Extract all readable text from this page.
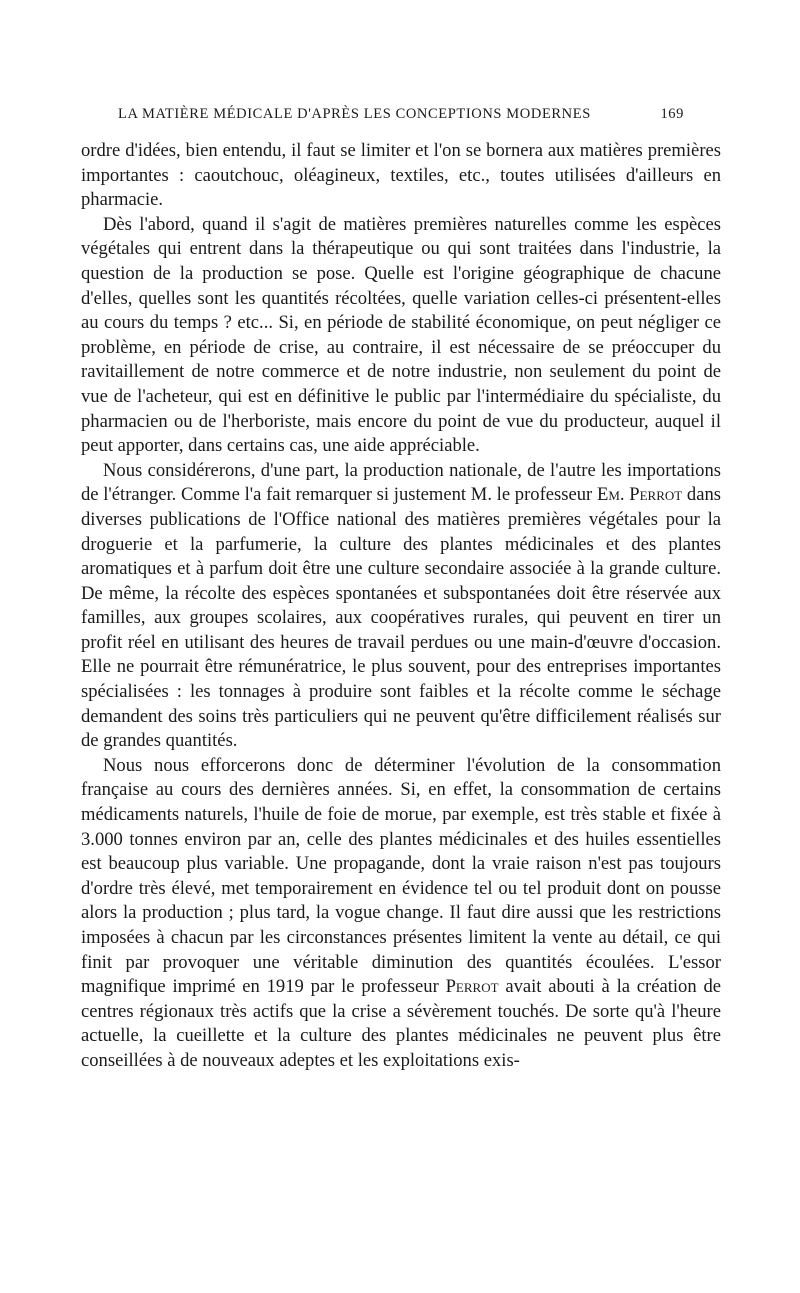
LA MATIÈRE MÉDICALE D'APRÈS LES CONCEPTIONS MODERNES	169

ordre d'idées, bien entendu, il faut se limiter et l'on se bornera aux matières premières importantes : caoutchouc, oléagineux, textiles, etc., toutes utilisées d'ailleurs en pharmacie.

Dès l'abord, quand il s'agit de matières premières naturelles comme les espèces végétales qui entrent dans la thérapeutique ou qui sont traitées dans l'industrie, la question de la production se pose. Quelle est l'origine géographique de chacune d'elles, quelles sont les quantités récoltées, quelle variation celles-ci présentent-elles au cours du temps ? etc... Si, en période de stabilité économique, on peut négliger ce problème, en période de crise, au contraire, il est nécessaire de se préoccuper du ravitaillement de notre commerce et de notre industrie, non seulement du point de vue de l'acheteur, qui est en définitive le public par l'intermédiaire du spécialiste, du pharmacien ou de l'herboriste, mais encore du point de vue du producteur, auquel il peut apporter, dans certains cas, une aide appréciable.

Nous considérerons, d'une part, la production nationale, de l'autre les importations de l'étranger. Comme l'a fait remarquer si justement M. le professeur Em. Perrot dans diverses publications de l'Office national des matières premières végétales pour la droguerie et la parfumerie, la culture des plantes médicinales et des plantes aromatiques et à parfum doit être une culture secondaire associée à la grande culture. De même, la récolte des espèces spontanées et subspontanées doit être réservée aux familles, aux groupes scolaires, aux coopératives rurales, qui peuvent en tirer un profit réel en utilisant des heures de travail perdues ou une main-d'œuvre d'occasion. Elle ne pourrait être rémunératrice, le plus souvent, pour des entreprises importantes spécialisées : les tonnages à produire sont faibles et la récolte comme le séchage demandent des soins très particuliers qui ne peuvent qu'être difficilement réalisés sur de grandes quantités.

Nous nous efforcerons donc de déterminer l'évolution de la consommation française au cours des dernières années. Si, en effet, la consommation de certains médicaments naturels, l'huile de foie de morue, par exemple, est très stable et fixée à 3.000 tonnes environ par an, celle des plantes médicinales et des huiles essentielles est beaucoup plus variable. Une propagande, dont la vraie raison n'est pas toujours d'ordre très élevé, met temporairement en évidence tel ou tel produit dont on pousse alors la production ; plus tard, la vogue change. Il faut dire aussi que les restrictions imposées à chacun par les circonstances présentes limitent la vente au détail, ce qui finit par provoquer une véritable diminution des quantités écoulées. L'essor magnifique imprimé en 1919 par le professeur Perrot avait abouti à la création de centres régionaux très actifs que la crise a sévèrement touchés. De sorte qu'à l'heure actuelle, la cueillette et la culture des plantes médicinales ne peuvent plus être conseillées à de nouveaux adeptes et les exploitations exis-
